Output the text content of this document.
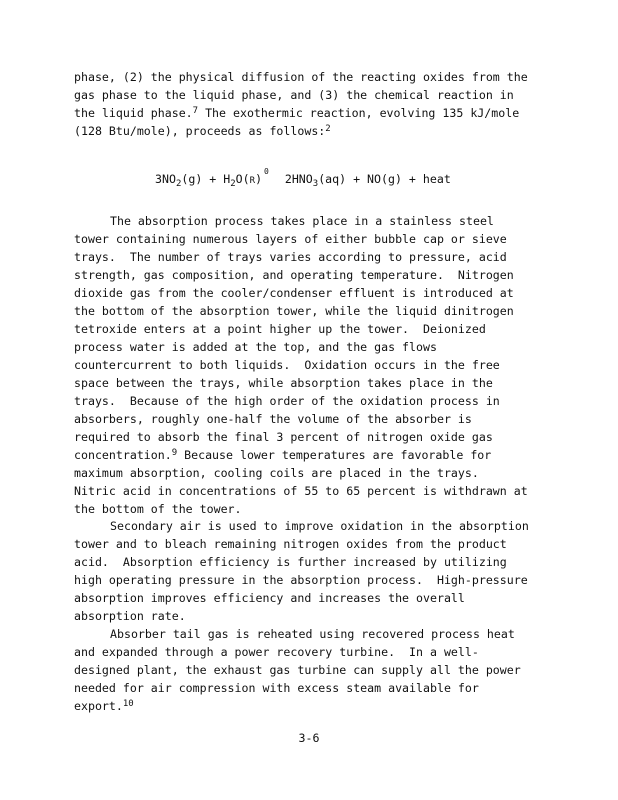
phase, (2) the physical diffusion of the reacting oxides from the
gas phase to the liquid phase, and (3) the chemical reaction in
the liquid phase.$^7$ The exothermic reaction, evolving 135 kJ/mole
(128 Btu/mole), proceeds as follows:$^2$
$3NO_2(g) + H_2O(R)^0$  $2HNO_3(aq) + NO(g)$ + heat
The absorption process takes place in a stainless steel
tower containing numerous layers of either bubble cap or sieve
trays.  The number of trays varies according to pressure, acid
strength, gas composition, and operating temperature.  Nitrogen
dioxide gas from the cooler/condenser effluent is introduced at
the bottom of the absorption tower, while the liquid dinitrogen
tetroxide enters at a point higher up the tower.  Deionized
process water is added at the top, and the gas flows
countercurrent to both liquids.  Oxidation occurs in the free
space between the trays, while absorption takes place in the
trays.  Because of the high order of the oxidation process in
absorbers, roughly one-half the volume of the absorber is
required to absorb the final 3 percent of nitrogen oxide gas
concentration.$^9$ Because lower temperatures are favorable for
maximum absorption, cooling coils are placed in the trays.
Nitric acid in concentrations of 55 to 65 percent is withdrawn at
the bottom of the tower.
Secondary air is used to improve oxidation in the absorption
tower and to bleach remaining nitrogen oxides from the product
acid.  Absorption efficiency is further increased by utilizing
high operating pressure in the absorption process.  High-pressure
absorption improves efficiency and increases the overall
absorption rate.
Absorber tail gas is reheated using recovered process heat
and expanded through a power recovery turbine.  In a well-
designed plant, the exhaust gas turbine can supply all the power
needed for air compression with excess steam available for
export.$^{10}$
3-6
